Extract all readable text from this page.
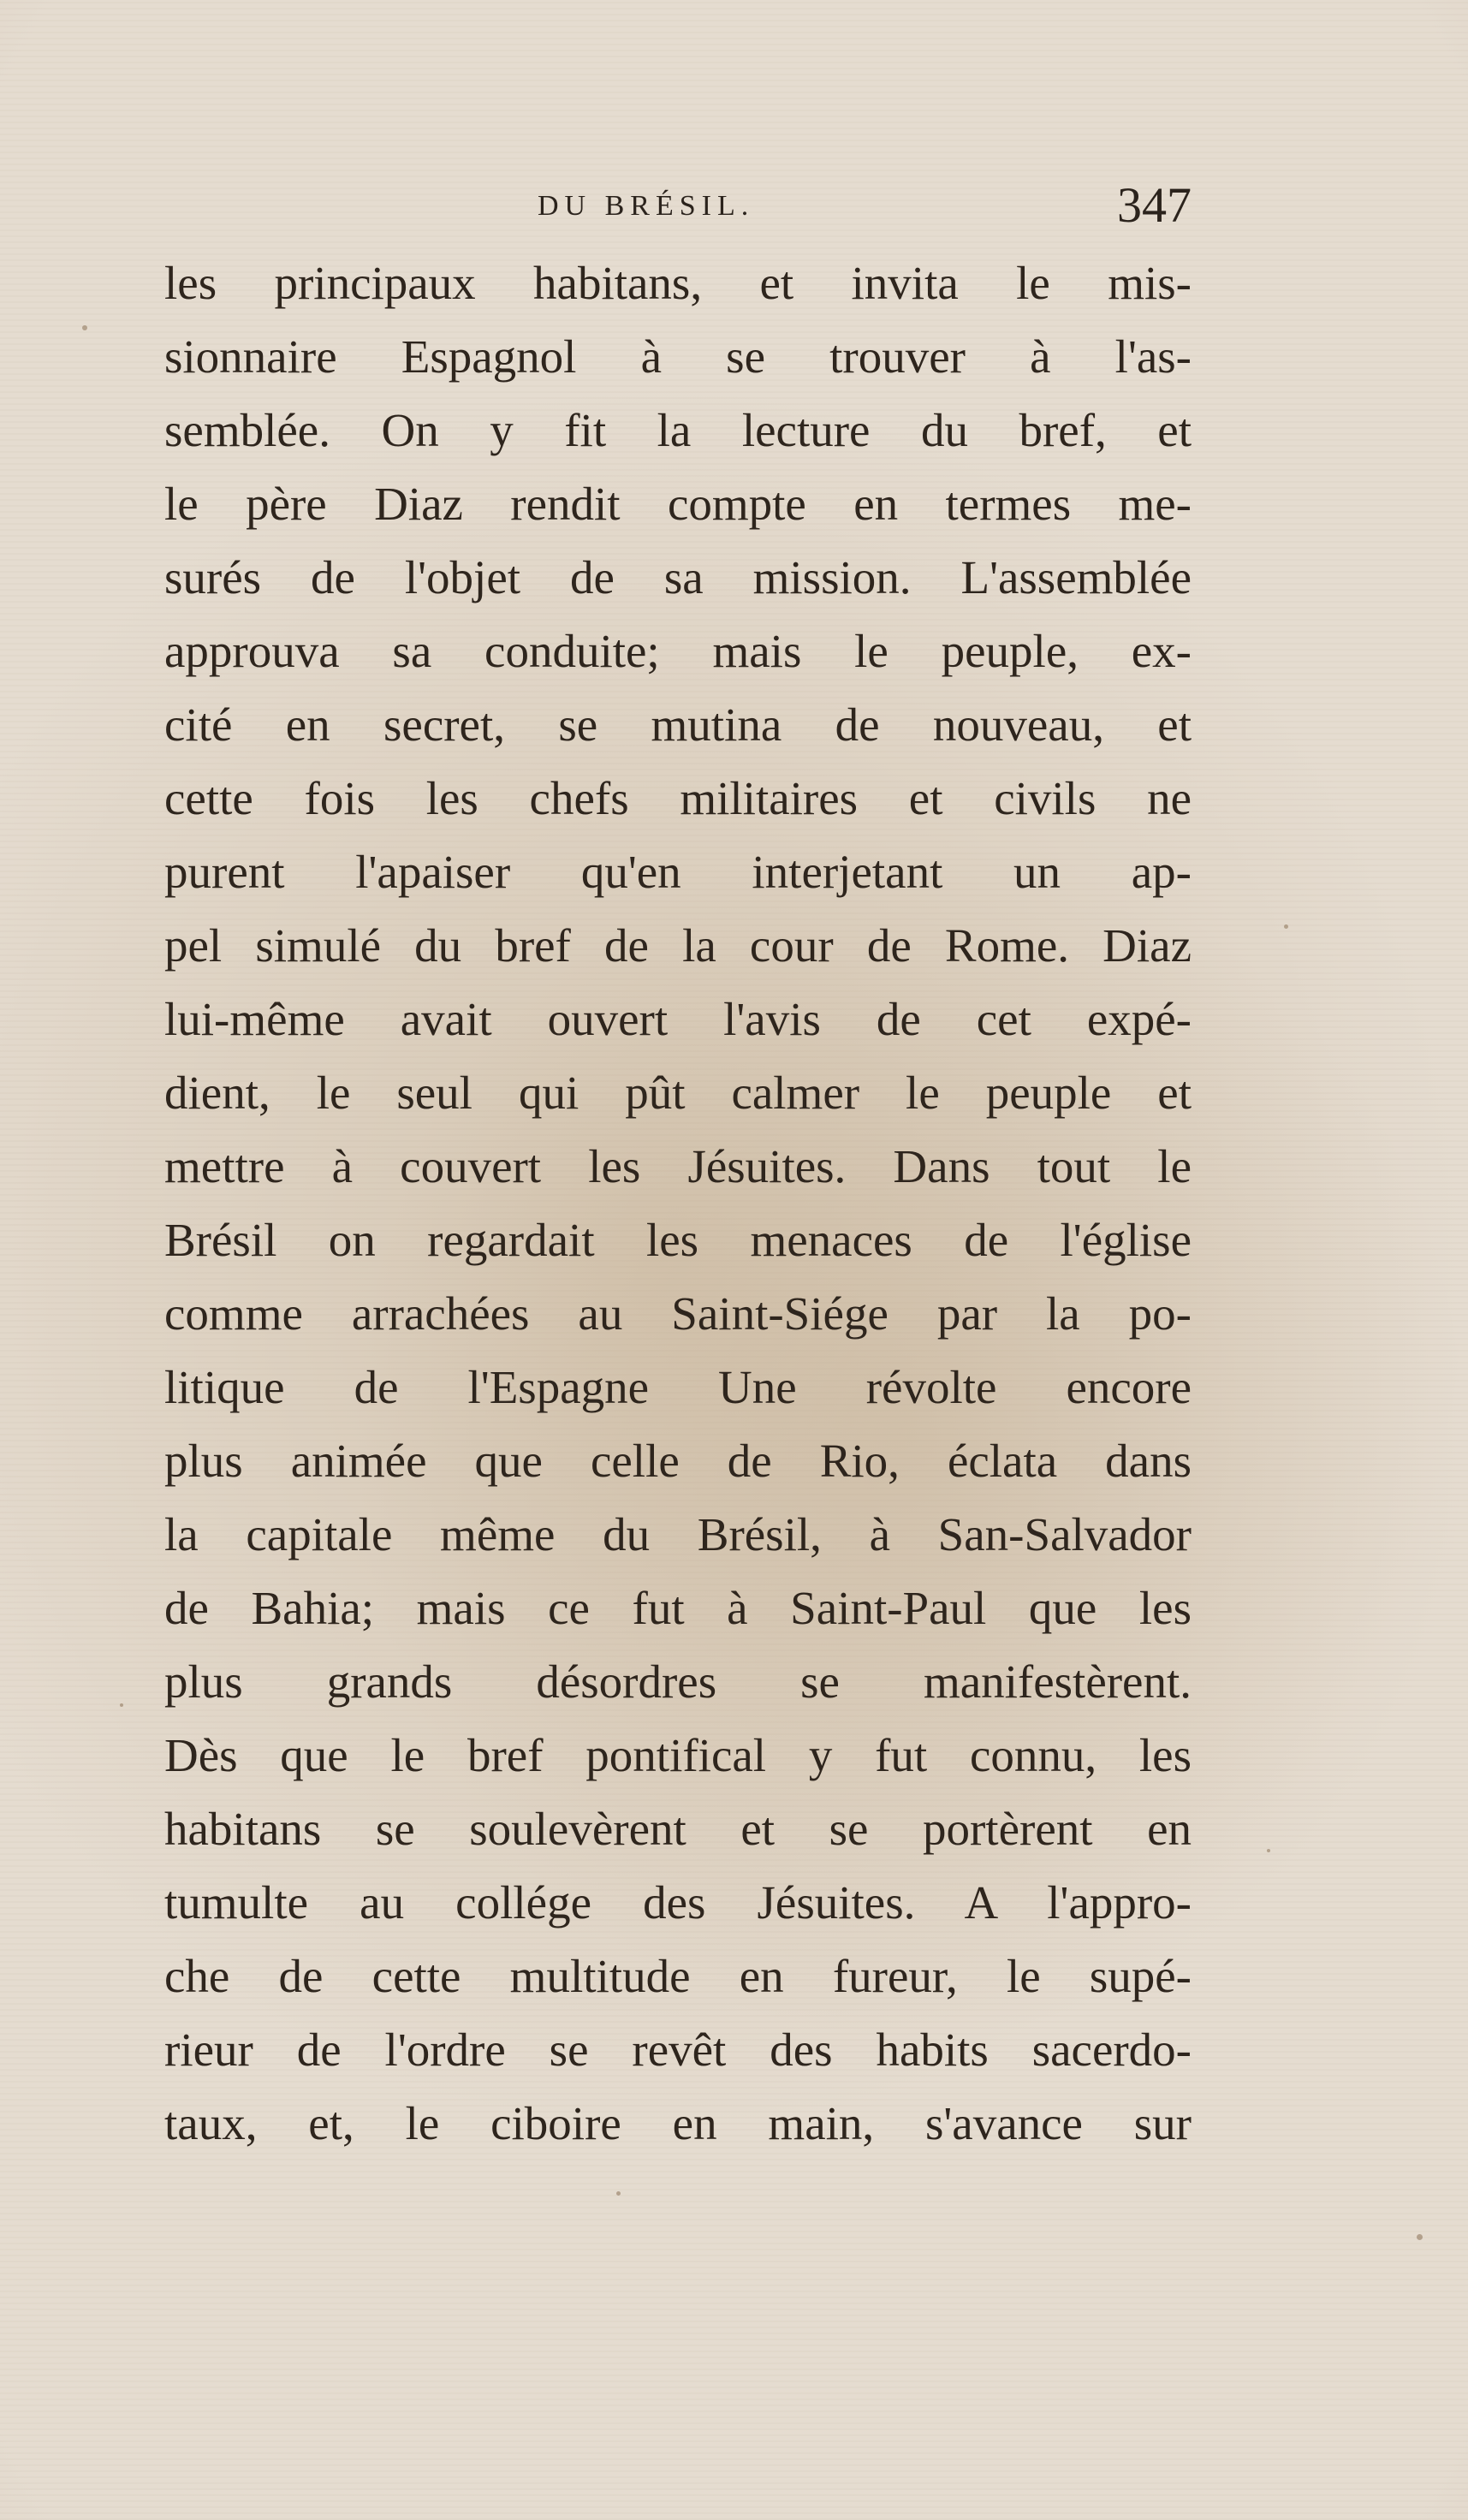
DU BRÉSIL.	347
les principaux habitans, et invita le mis-
sionnaire Espagnol à se trouver à l'as-
semblée. On y fit la lecture du bref, et
le père Diaz rendit compte en termes me-
surés de l'objet de sa mission. L'assemblée
approuva sa conduite; mais le peuple, ex-
cité en secret, se mutina de nouveau, et
cette fois les chefs militaires et civils ne
purent l'apaiser qu'en interjetant un ap-
pel simulé du bref de la cour de Rome. Diaz
lui-même avait ouvert l'avis de cet expé-
dient, le seul qui pût calmer le peuple et
mettre à couvert les Jésuites. Dans tout le
Brésil on regardait les menaces de l'église
comme arrachées au Saint-Siége par la po-
litique de l'Espagne Une révolte encore
plus animée que celle de Rio, éclata dans
la capitale même du Brésil, à San-Salvador
de Bahia; mais ce fut à Saint-Paul que les
plus grands désordres se manifestèrent.
Dès que le bref pontifical y fut connu, les
habitans se soulevèrent et se portèrent en
tumulte au collége des Jésuites. A l'appro-
che de cette multitude en fureur, le supé-
rieur de l'ordre se revêt des habits sacerdo-
taux, et, le ciboire en main, s'avance sur
